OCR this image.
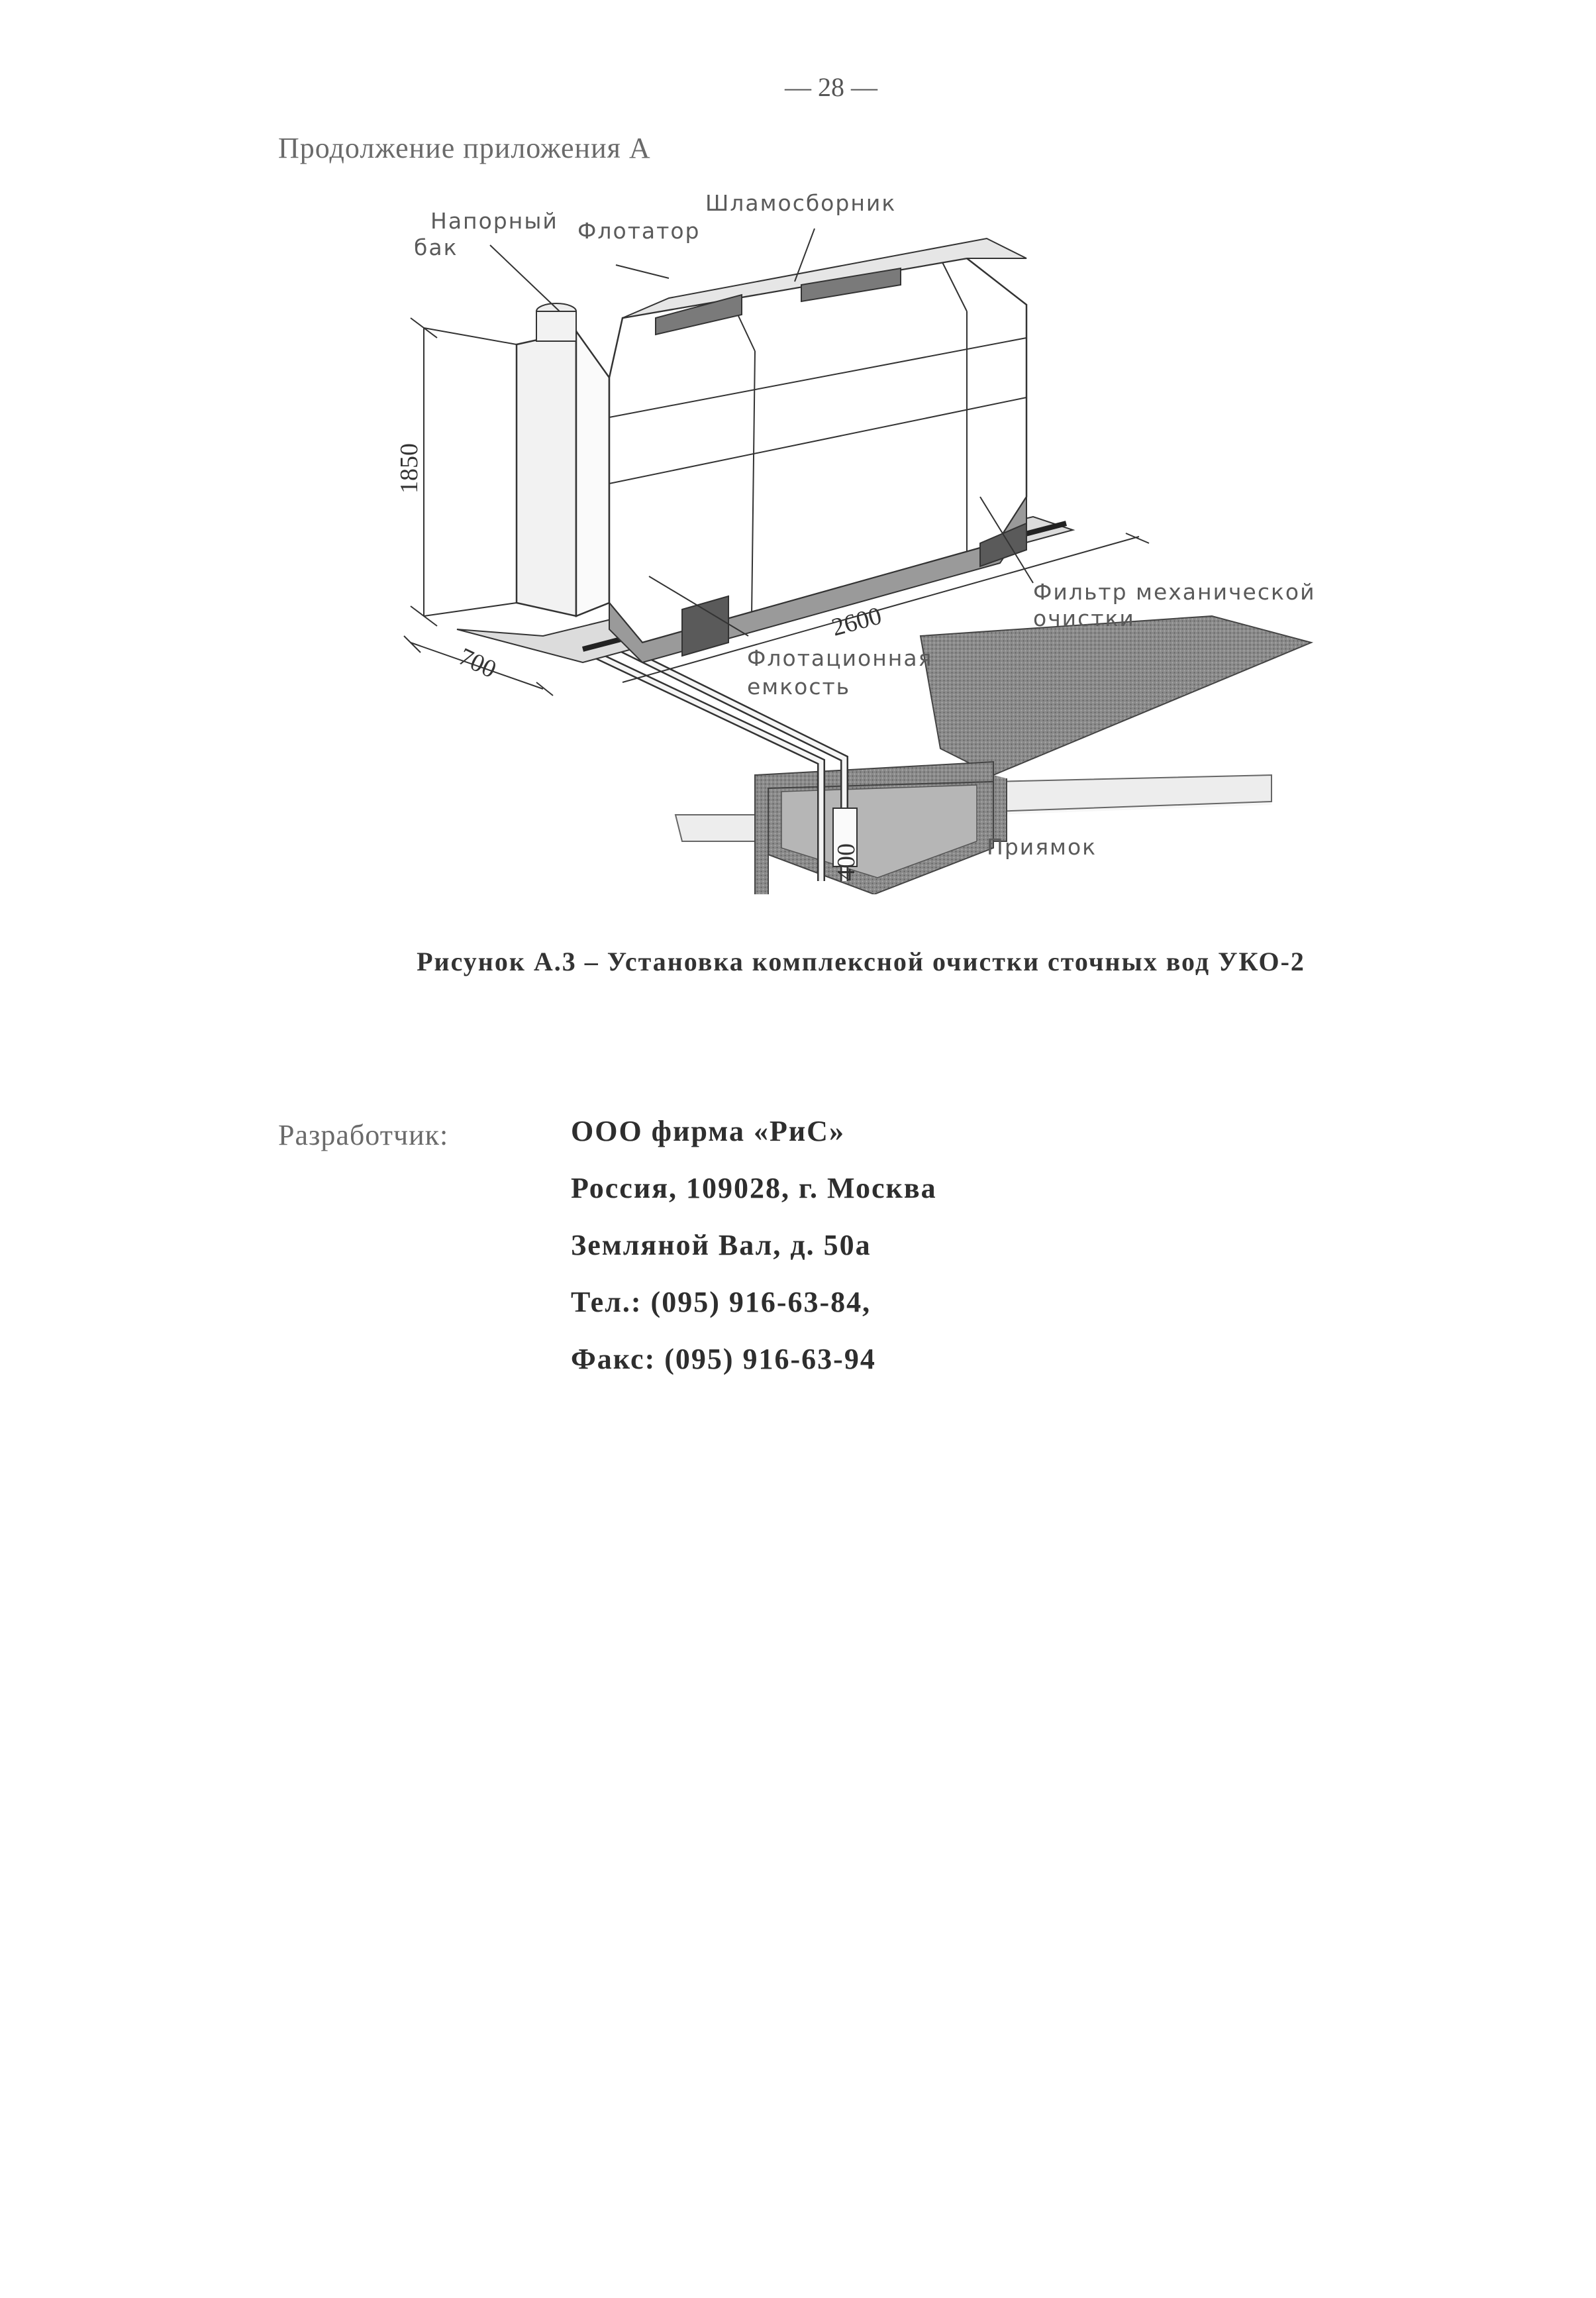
— 28 —
Продолжение приложения А
1850
2600
700
400
Напорный
бак
Флотатор
Шламосборник
Фильтр механической
очистки
Флотационная
емкость
Приямок
Рисунок А.3 – Установка комплексной очистки сточных вод УКО-2
Разработчик:	ООО фирма «РиС»
Россия, 109028, г. Москва
Земляной Вал, д. 50а
Тел.: (095) 916-63-84,
Факс: (095) 916-63-94
